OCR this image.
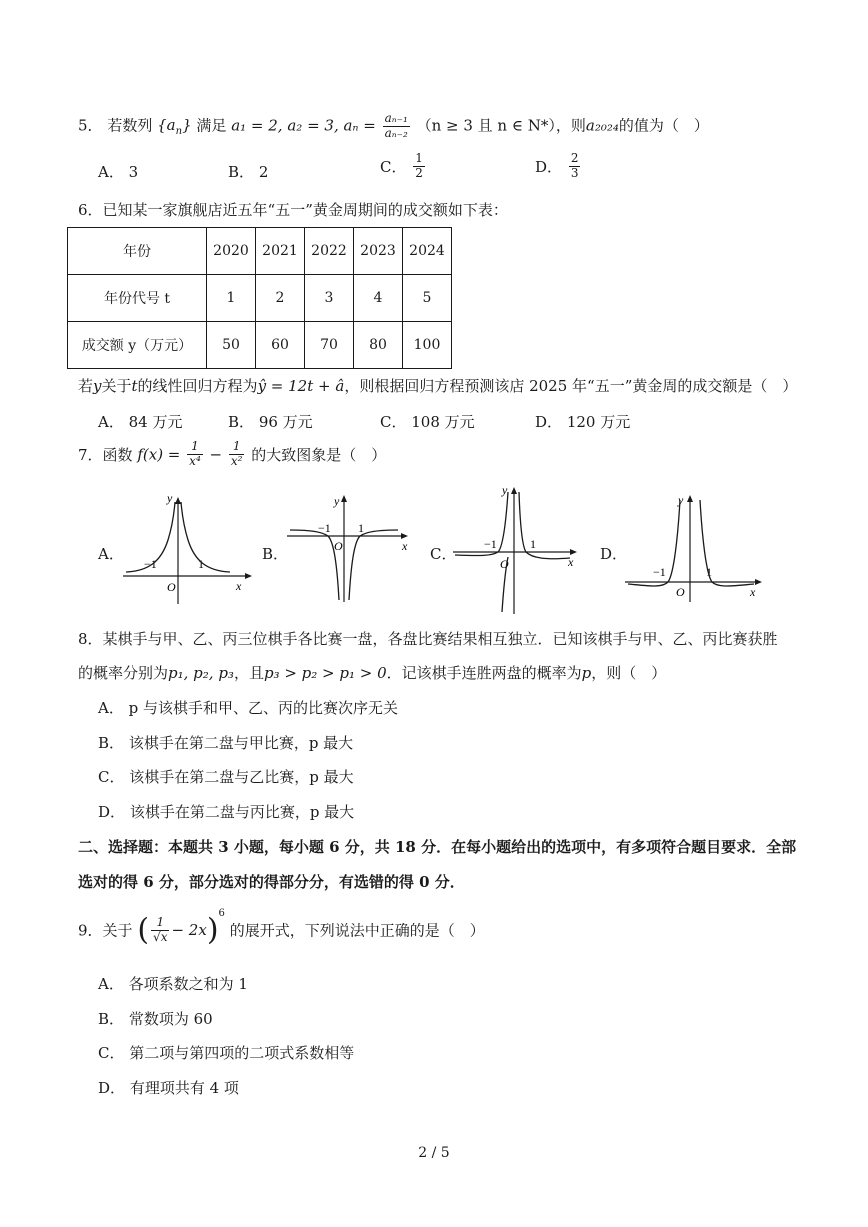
5． 若数列 $\{a_n\}$ 满足 a₁ = 2, a₂ = 3, $a_n = \frac{\text{aₙ₋₁}}{\text{aₙ₋₂}} (n \ge 3$ 且 n ∈ N*），则a₂₀₂₄的值为（　）
A． 3	B． 2	C． $\frac{1}{2}$	D． $\frac{2}{3}$
6．已知某一家旗舰店近五年“五一”黄金周期间的成交额如下表：
年份	2020	2021	2022	2023	2024
年份代号 t	1	2	3	4	5
成交额 y（万元）	50	60	70	80	100
若y关于t的线性回归方程为ŷ = 12t + â，则根据回归方程预测该店 2025 年“五一”黄金周的成交额是（　）
A． 84 万元	B． 96 万元	C． 108 万元	D． 120 万元
7．函数 $f(x) = \frac{1}{\text{x⁴}} - \frac{1}{\text{x²}}$ 的大致图象是（　）
A．
y
x
O
−1	1
B．
y
x
O
−1 1
C．
y
x
O
−1	1
D．
y
x
O
−1	1
8．某棋手与甲、乙、丙三位棋手各比赛一盘，各盘比赛结果相互独立．已知该棋手与甲、乙、丙比赛获胜
的概率分别为p₁, p₂, p₃，且p₃ > p₂ > p₁ > 0．记该棋手连胜两盘的概率为p，则（　）
A． p 与该棋手和甲、乙、丙的比赛次序无关
B． 该棋手在第二盘与甲比赛，p 最大
C． 该棋手在第二盘与乙比赛，p 最大
D． 该棋手在第二盘与丙比赛，p 最大
二、选择题：本题共 3 小题，每小题 6 分，共 18 分．在每小题给出的选项中，有多项符合题目要求．全部
选对的得 6 分，部分选对的得部分分，有选错的得 0 分．
9．关于 ( $\frac{1}{√x} - 2x)^6$ 的展开式，下列说法中正确的是（　）
A． 各项系数之和为 1
B． 常数项为 60
C． 第二项与第四项的二项式系数相等
D． 有理项共有 4 项
2 / 5
